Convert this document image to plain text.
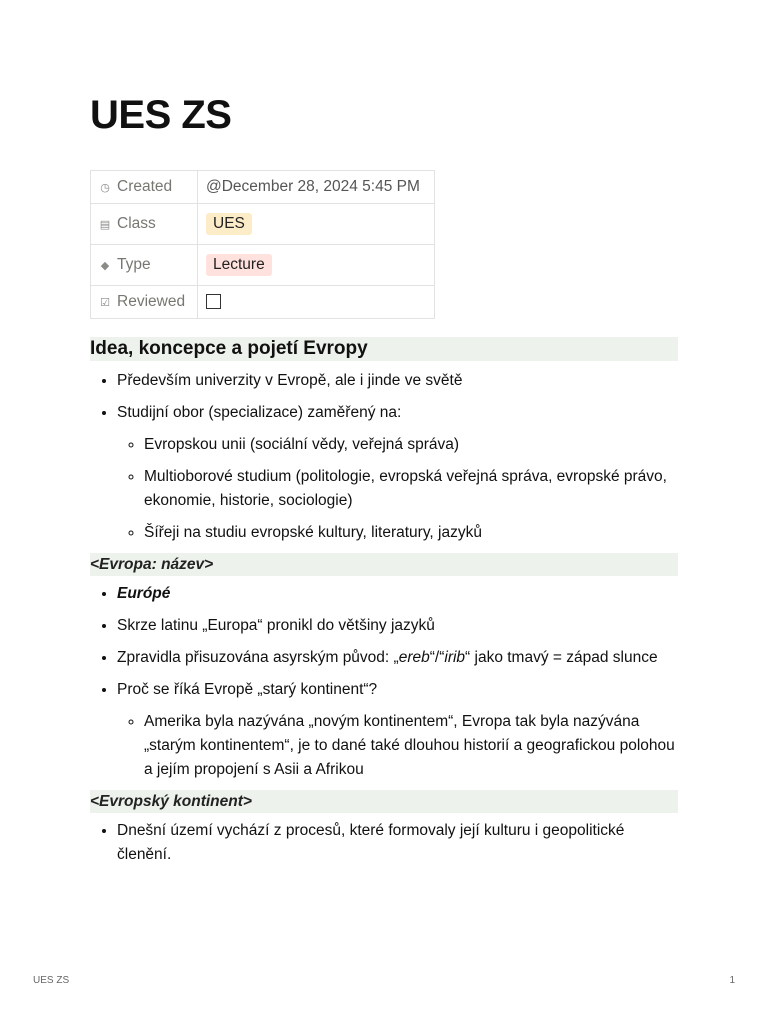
UES ZS
◷ Created	@December 28, 2024 5:45 PM
▤ Class	UES
◆ Type	Lecture
☑ Reviewed	
Idea, koncepce a pojetí Evropy
• Především univerzity v Evropě, ale i jinde ve světě
• Studijní obor (specializace) zaměřený na:
◦ Evropskou unii (sociální vědy, veřejná správa)
◦ Multioborové studium (politologie, evropská veřejná správa, evropské právo, ekonomie, historie, sociologie)
◦ Šířeji na studiu evropské kultury, literatury, jazyků
<Evropa: název>
• Európé
• Skrze latinu „Europa“ pronikl do většiny jazyků
• Zpravidla přisuzována asyrským původ: „ereb“/“irib“ jako tmavý = západ slunce
• Proč se říká Evropě „starý kontinent“?
◦ Amerika byla nazývána „novým kontinentem“, Evropa tak byla nazývána „starým kontinentem“, je to dané také dlouhou historií a geografickou polohou a jejím propojení s Asii a Afrikou
<Evropský kontinent>
• Dnešní území vychází z procesů, které formovaly její kulturu i geopolitické členění.
UES ZS	1
